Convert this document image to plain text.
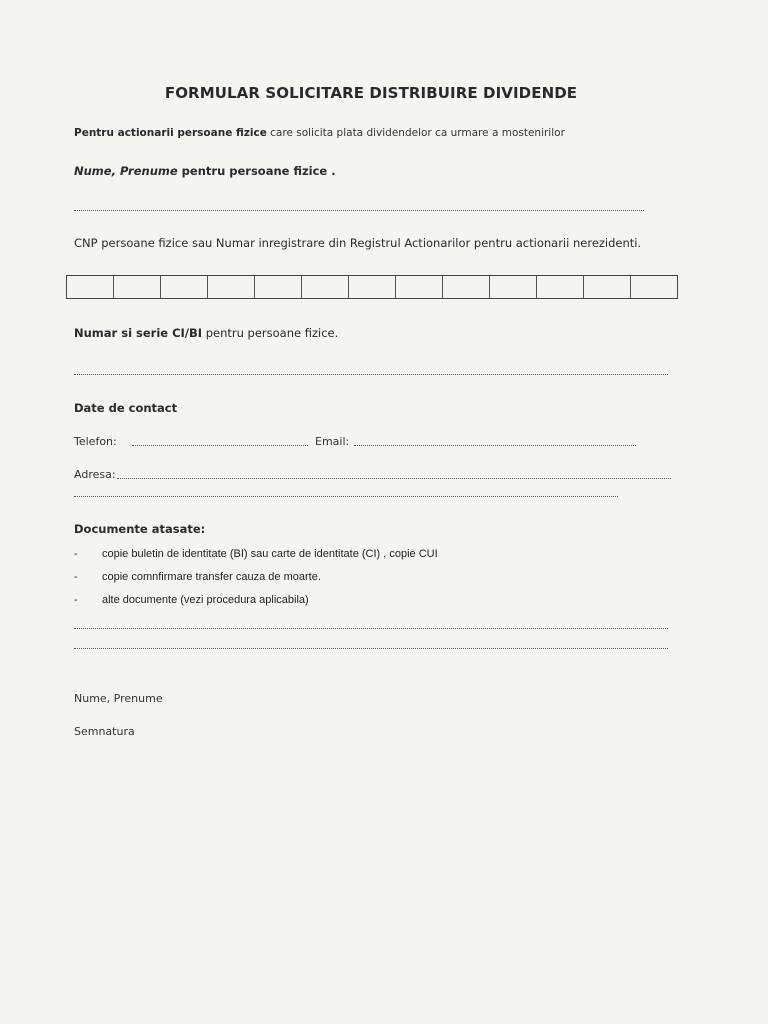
FORMULAR SOLICITARE DISTRIBUIRE DIVIDENDE
Pentru actionarii persoane fizice care solicita plata dividendelor ca urmare a mostenirilor
Nume, Prenume pentru persoane fizice .
CNP persoane fizice sau Numar inregistrare din Registrul Actionarilor pentru actionarii nerezidenti.
Numar si serie CI/BI pentru persoane fizice.
Date de contact
Telefon:	Email:
Adresa:
Documente atasate:
-	copie buletin de identitate (BI) sau carte de identitate (CI) , copie CUI
-	copie comnfirmare transfer cauza de moarte.
-	alte documente (vezi procedura aplicabila)
Nume, Prenume
Semnatura
